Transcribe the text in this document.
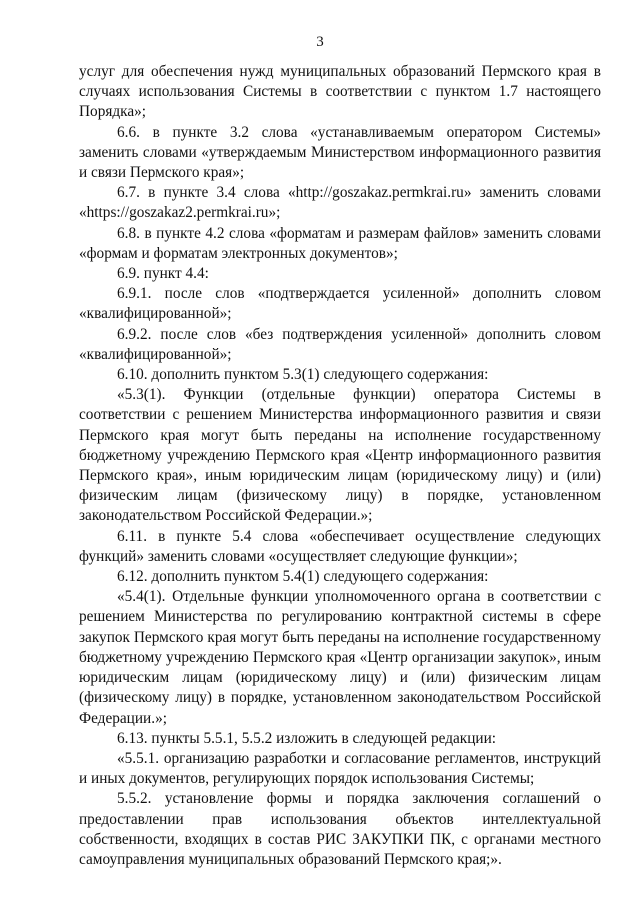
3

услуг для обеспечения нужд муниципальных образований Пермского края в случаях использования Системы в соответствии с пунктом 1.7 настоящего Порядка»;

6.6. в пункте 3.2 слова «устанавливаемым оператором Системы» заменить словами «утверждаемым Министерством информационного развития и связи Пермского края»;

6.7. в пункте 3.4 слова «http://goszakaz.permkrai.ru» заменить словами «https://goszakaz2.permkrai.ru»;

6.8. в пункте 4.2 слова «форматам и размерам файлов» заменить словами «формам и форматам электронных документов»;

6.9. пункт 4.4:

6.9.1. после слов «подтверждается усиленной» дополнить словом «квалифицированной»;

6.9.2. после слов «без подтверждения усиленной» дополнить словом «квалифицированной»;

6.10. дополнить пунктом 5.3(1) следующего содержания:

«5.3(1). Функции (отдельные функции) оператора Системы в соответствии с решением Министерства информационного развития и связи Пермского края могут быть переданы на исполнение государственному бюджетному учреждению Пермского края «Центр информационного развития Пермского края», иным юридическим лицам (юридическому лицу) и (или) физическим лицам (физическому лицу) в порядке, установленном законодательством Российской Федерации.»;

6.11. в пункте 5.4 слова «обеспечивает осуществление следующих функций» заменить словами «осуществляет следующие функции»;

6.12. дополнить пунктом 5.4(1) следующего содержания:

«5.4(1). Отдельные функции уполномоченного органа в соответствии с решением Министерства по регулированию контрактной системы в сфере закупок Пермского края могут быть переданы на исполнение государственному бюджетному учреждению Пермского края «Центр организации закупок», иным юридическим лицам (юридическому лицу) и (или) физическим лицам (физическому лицу) в порядке, установленном законодательством Российской Федерации.»;

6.13. пункты 5.5.1, 5.5.2 изложить в следующей редакции:

«5.5.1. организацию разработки и согласование регламентов, инструкций и иных документов, регулирующих порядок использования Системы;

5.5.2. установление формы и порядка заключения соглашений о предоставлении прав использования объектов интеллектуальной собственности, входящих в состав РИС ЗАКУПКИ ПК, с органами местного самоуправления муниципальных образований Пермского края;».
